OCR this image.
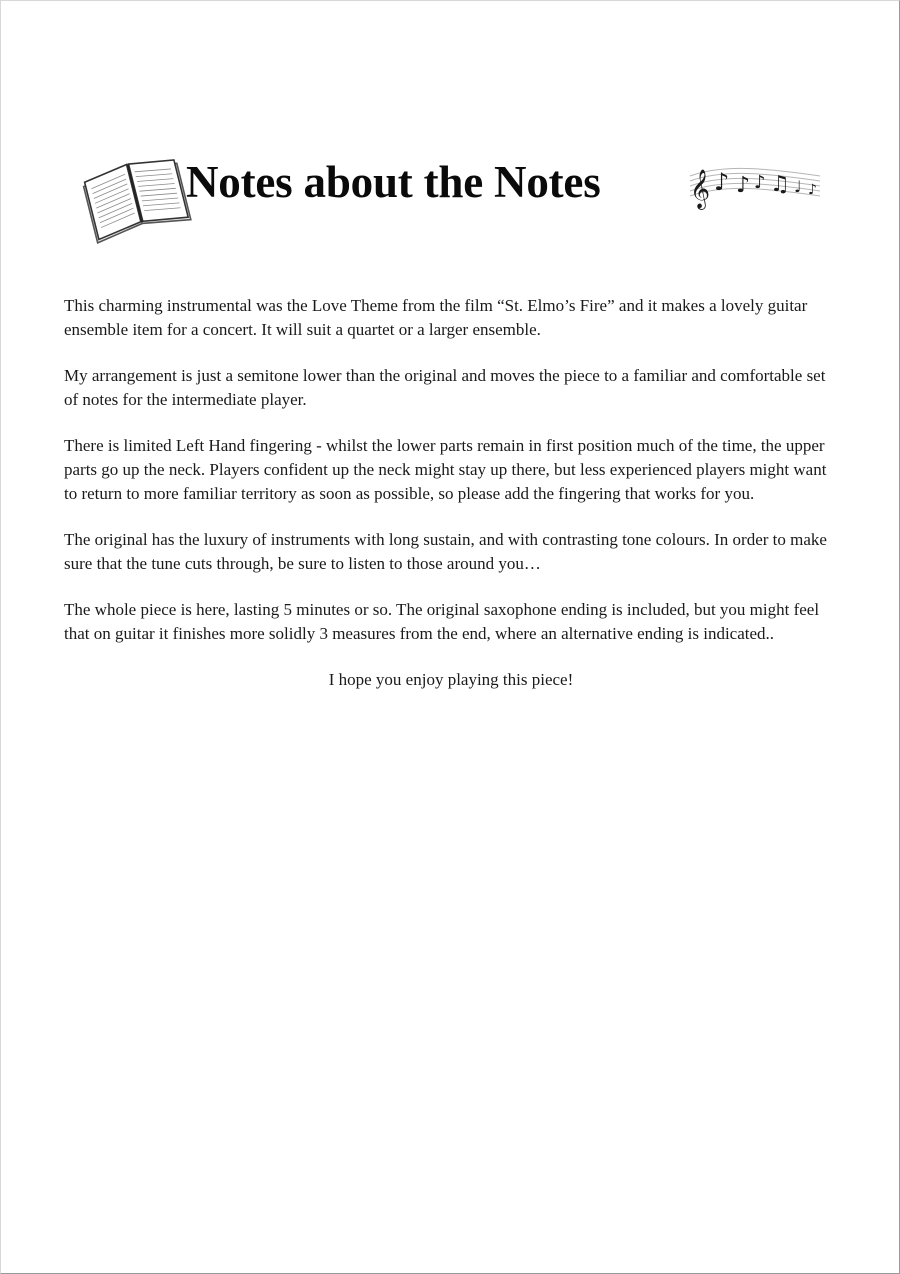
Notes about the Notes	𝄞 ♪ ♪ ♪ ♫ ♩ ♪

This charming instrumental was the Love Theme from the film “St. Elmo’s Fire” and it makes a lovely guitar ensemble item for a concert. It will suit a quartet or a larger ensemble.

My arrangement is just a semitone lower than the original and moves the piece to a familiar and comfortable set of notes for the intermediate player.

There is limited Left Hand fingering - whilst the lower parts remain in first position much of the time, the upper parts go up the neck. Players confident up the neck might stay up there, but less experienced players might want to return to more familiar territory as soon as possible, so please add the fingering that works for you.

The original has the luxury of instruments with long sustain, and with contrasting tone colours. In order to make sure that the tune cuts through, be sure to listen to those around you…

The whole piece is here, lasting 5 minutes or so. The original saxophone ending is included, but you might feel that on guitar it finishes more solidly 3 measures from the end, where an alternative ending is indicated..

I hope you enjoy playing this piece!
